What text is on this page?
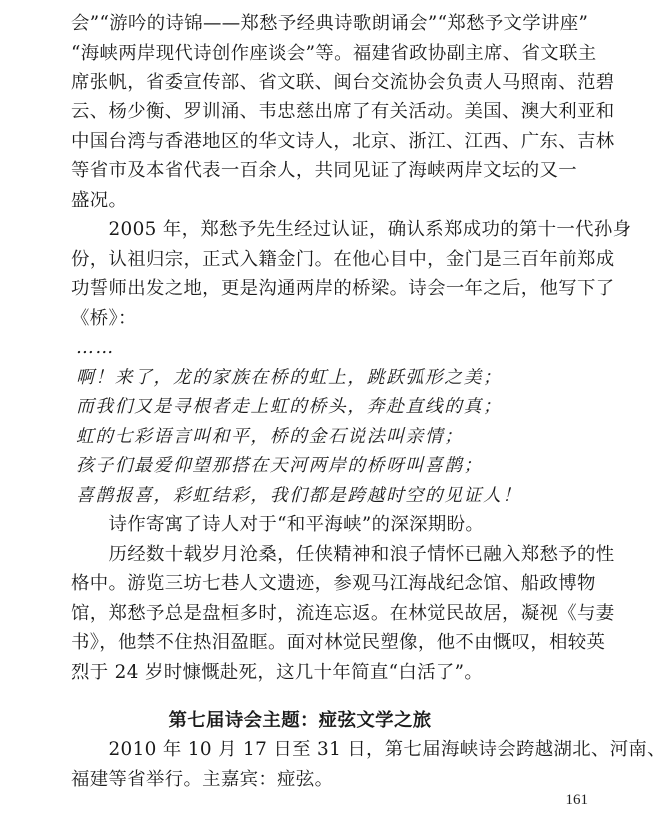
会”“游吟的诗锦——郑愁予经典诗歌朗诵会”“郑愁予文学讲座”
“海峡两岸现代诗创作座谈会”等。福建省政协副主席、省文联主
席张帆，省委宣传部、省文联、闽台交流协会负责人马照南、范碧
云、杨少衡、罗训涌、韦忠慈出席了有关活动。美国、澳大利亚和
中国台湾与香港地区的华文诗人，北京、浙江、江西、广东、吉林
等省市及本省代表一百余人，共同见证了海峡两岸文坛的又一
盛况。
　　2005 年，郑愁予先生经过认证，确认系郑成功的第十一代孙身
份，认祖归宗，正式入籍金门。在他心目中，金门是三百年前郑成
功誓师出发之地，更是沟通两岸的桥梁。诗会一年之后，他写下了
《桥》：
……
啊！来了，龙的家族在桥的虹上，跳跃弧形之美；
而我们又是寻根者走上虹的桥头，奔赴直线的真；
虹的七彩语言叫和平，桥的金石说法叫亲情；
孩子们最爱仰望那搭在天河两岸的桥呀叫喜鹊；
喜鹊报喜，彩虹结彩，我们都是跨越时空的见证人！
　　诗作寄寓了诗人对于“和平海峡”的深深期盼。
　　历经数十载岁月沧桑，任侠精神和浪子情怀已融入郑愁予的性
格中。游览三坊七巷人文遗迹，参观马江海战纪念馆、船政博物
馆，郑愁予总是盘桓多时，流连忘返。在林觉民故居，凝视《与妻
书》，他禁不住热泪盈眶。面对林觉民塑像，他不由慨叹，相较英
烈于 24 岁时慷慨赴死，这几十年简直“白活了”。
第七届诗会主题：痖弦文学之旅
　　2010 年 10 月 17 日至 31 日，第七届海峡诗会跨越湖北、河南、
福建等省举行。主嘉宾：痖弦。
161
